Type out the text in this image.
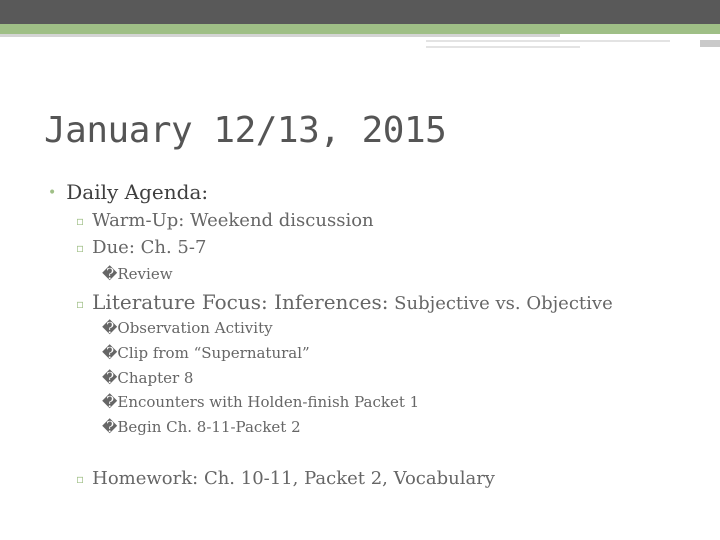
January 12/13, 2015
• Daily Agenda:
▫ Warm-Up: Weekend discussion
▫ Due: Ch. 5-7
�Review
▫ Literature Focus: Inferences: Subjective vs. Objective
�Observation Activity
�Clip from “Supernatural”
�Chapter 8
�Encounters with Holden-finish Packet 1
�Begin Ch. 8-11-Packet 2
▫ Homework: Ch. 10-11, Packet 2, Vocabulary
